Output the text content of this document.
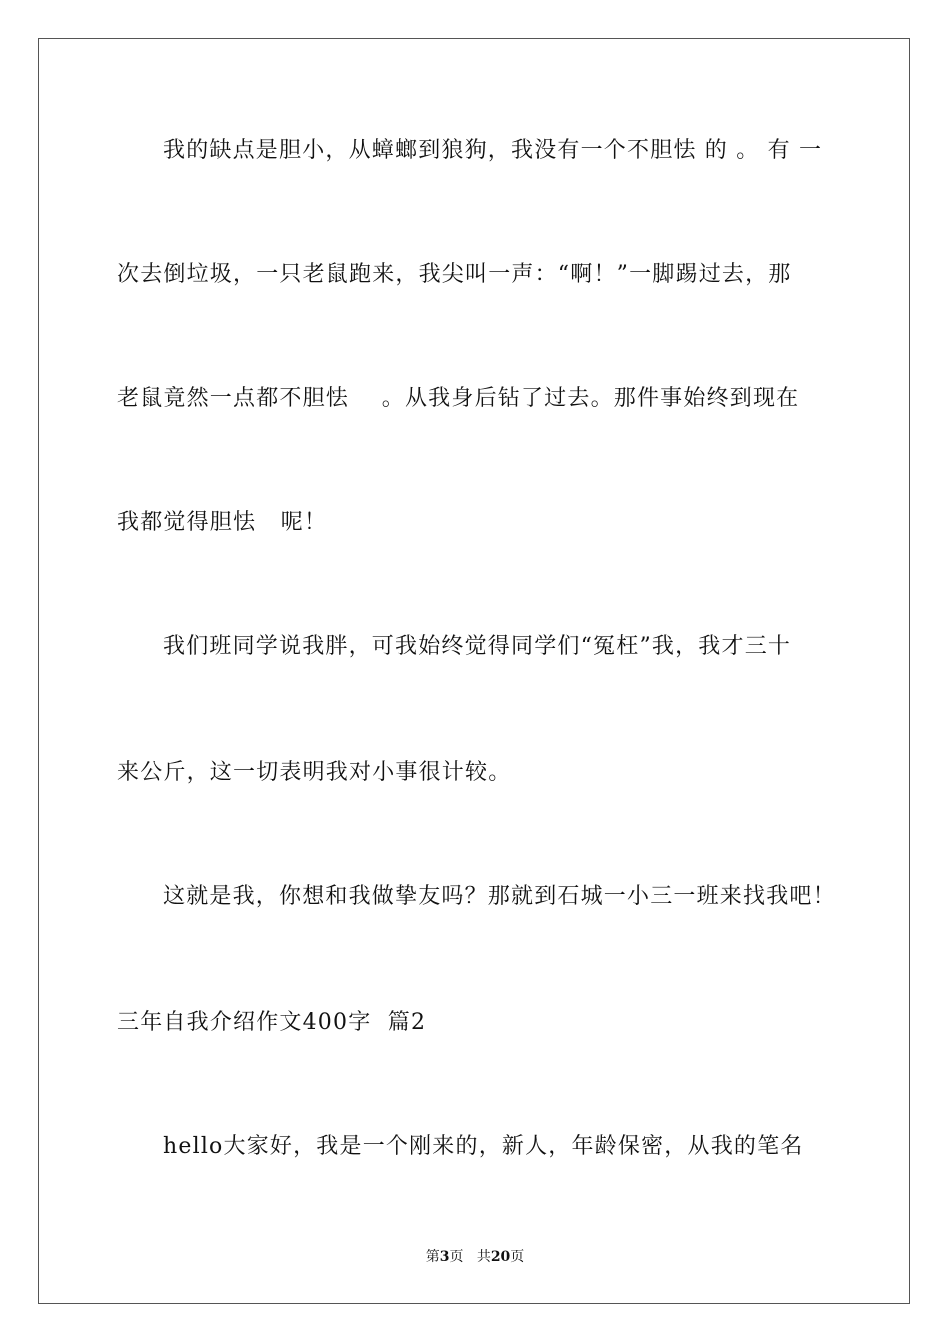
我的缺点是胆小，从蟑螂到狼狗，我没有一个不胆怯 的 。 有 一
次去倒垃圾，一只老鼠跑来，我尖叫一声：“啊！”一脚踢过去，那
老鼠竟然一点都不胆怯    。从我身后钻了过去。那件事始终到现在
我都觉得胆怯   呢！
我们班同学说我胖，可我始终觉得同学们“冤枉”我，我才三十
来公斤，这一切表明我对小事很计较。
这就是我，你想和我做挚友吗？那就到石城一小三一班来找我吧！
三年自我介绍作文400字  篇2
hello大家好，我是一个刚来的，新人，年龄保密，从我的笔名
第3页 共20页
